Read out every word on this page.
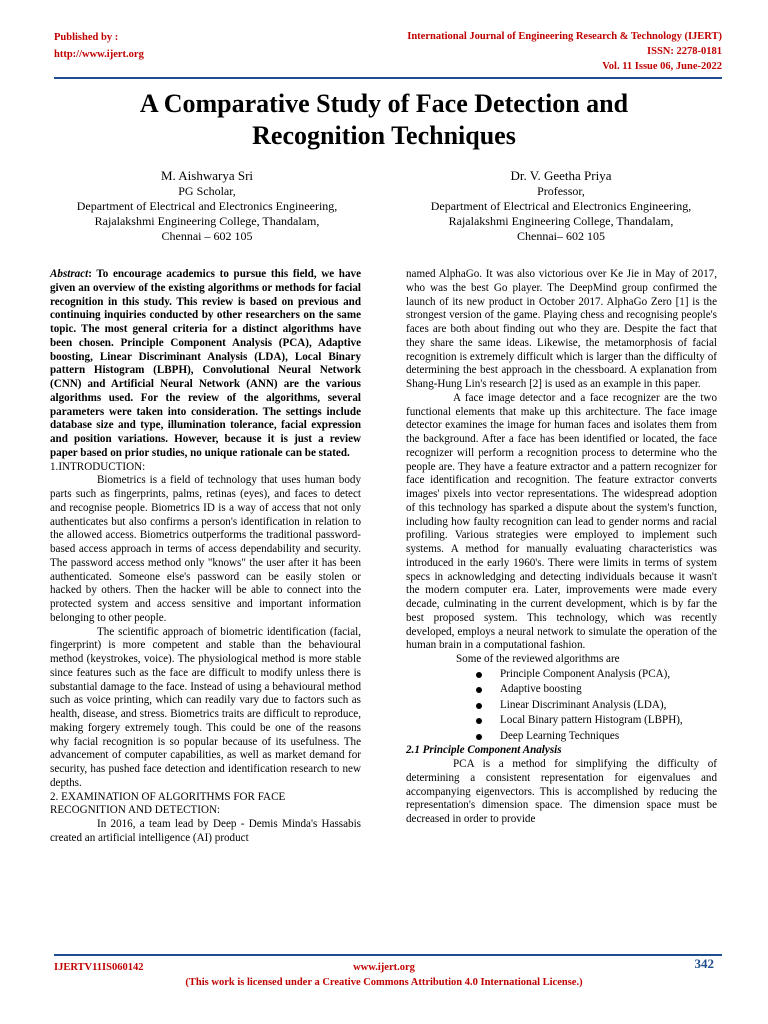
Published by :
http://www.ijert.org
International Journal of Engineering Research & Technology (IJERT)
ISSN: 2278-0181
Vol. 11 Issue 06, June-2022
A Comparative Study of Face Detection and
Recognition Techniques
M. Aishwarya Sri
PG Scholar,
Department of Electrical and Electronics Engineering,
Rajalakshmi Engineering College, Thandalam,
Chennai – 602 105
Dr. V. Geetha Priya
Professor,
Department of Electrical and Electronics Engineering,
Rajalakshmi Engineering College, Thandalam,
Chennai– 602 105

Abstract: To encourage academics to pursue this field, we have given an overview of the existing algorithms or methods for facial recognition in this study. This review is based on previous and continuing inquiries conducted by other researchers on the same topic. The most general criteria for a distinct algorithms have been chosen. Principle Component Analysis (PCA), Adaptive boosting, Linear Discriminant Analysis (LDA), Local Binary pattern Histogram (LBPH), Convolutional Neural Network (CNN) and Artificial Neural Network (ANN) are the various algorithms used. For the review of the algorithms, several parameters were taken into consideration. The settings include database size and type, illumination tolerance, facial expression and position variations. However, because it is just a review paper based on prior studies, no unique rationale can be stated.

1.INTRODUCTION:

Biometrics is a field of technology that uses human body parts such as fingerprints, palms, retinas (eyes), and faces to detect and recognise people. Biometrics ID is a way of access that not only authenticates but also confirms a person's identification in relation to the allowed access. Biometrics outperforms the traditional password-based access approach in terms of access dependability and security. The password access method only "knows" the user after it has been authenticated. Someone else's password can be easily stolen or hacked by others. Then the hacker will be able to connect into the protected system and access sensitive and important information belonging to other people.

The scientific approach of biometric identification (facial, fingerprint) is more competent and stable than the behavioural method (keystrokes, voice). The physiological method is more stable since features such as the face are difficult to modify unless there is substantial damage to the face. Instead of using a behavioural method such as voice printing, which can readily vary due to factors such as health, disease, and stress. Biometrics traits are difficult to reproduce, making forgery extremely tough. This could be one of the reasons why facial recognition is so popular because of its usefulness. The advancement of computer capabilities, as well as market demand for security, has pushed face detection and identification research to new depths.

2. EXAMINATION OF ALGORITHMS FOR FACE

RECOGNITION AND DETECTION:

In 2016, a team lead by Deep - Demis Minda's Hassabis created an artificial intelligence (AI) product

named AlphaGo. It was also victorious over Ke Jie in May of 2017, who was the best Go player. The DeepMind group confirmed the launch of its new product in October 2017. AlphaGo Zero [1] is the strongest version of the game. Playing chess and recognising people's faces are both about finding out who they are. Despite the fact that they share the same ideas. Likewise, the metamorphosis of facial recognition is extremely difficult which is larger than the difficulty of determining the best approach in the chessboard. A explanation from Shang-Hung Lin's research [2] is used as an example in this paper.

A face image detector and a face recognizer are the two functional elements that make up this architecture. The face image detector examines the image for human faces and isolates them from the background. After a face has been identified or located, the face recognizer will perform a recognition process to determine who the people are. They have a feature extractor and a pattern recognizer for face identification and recognition. The feature extractor converts images' pixels into vector representations. The widespread adoption of this technology has sparked a dispute about the system's function, including how faulty recognition can lead to gender norms and racial profiling. Various strategies were employed to implement such systems. A method for manually evaluating characteristics was introduced in the early 1960's. There were limits in terms of system specs in acknowledging and detecting individuals because it wasn't the modern computer era. Later, improvements were made every decade, culminating in the current development, which is by far the best proposed system. This technology, which was recently developed, employs a neural network to simulate the operation of the human brain in a computational fashion.

Some of the reviewed algorithms are

Principle Component Analysis (PCA),
Adaptive boosting
Linear Discriminant Analysis (LDA),
Local Binary pattern Histogram (LBPH),
Deep Learning Techniques

2.1 Principle Component Analysis

PCA is a method for simplifying the difficulty of determining a consistent representation for eigenvalues and accompanying eigenvectors. This is accomplished by reducing the representation's dimension space. The dimension space must be decreased in order to provide

IJERTV11IS060142	www.ijert.org	342
(This work is licensed under a Creative Commons Attribution 4.0 International License.)
